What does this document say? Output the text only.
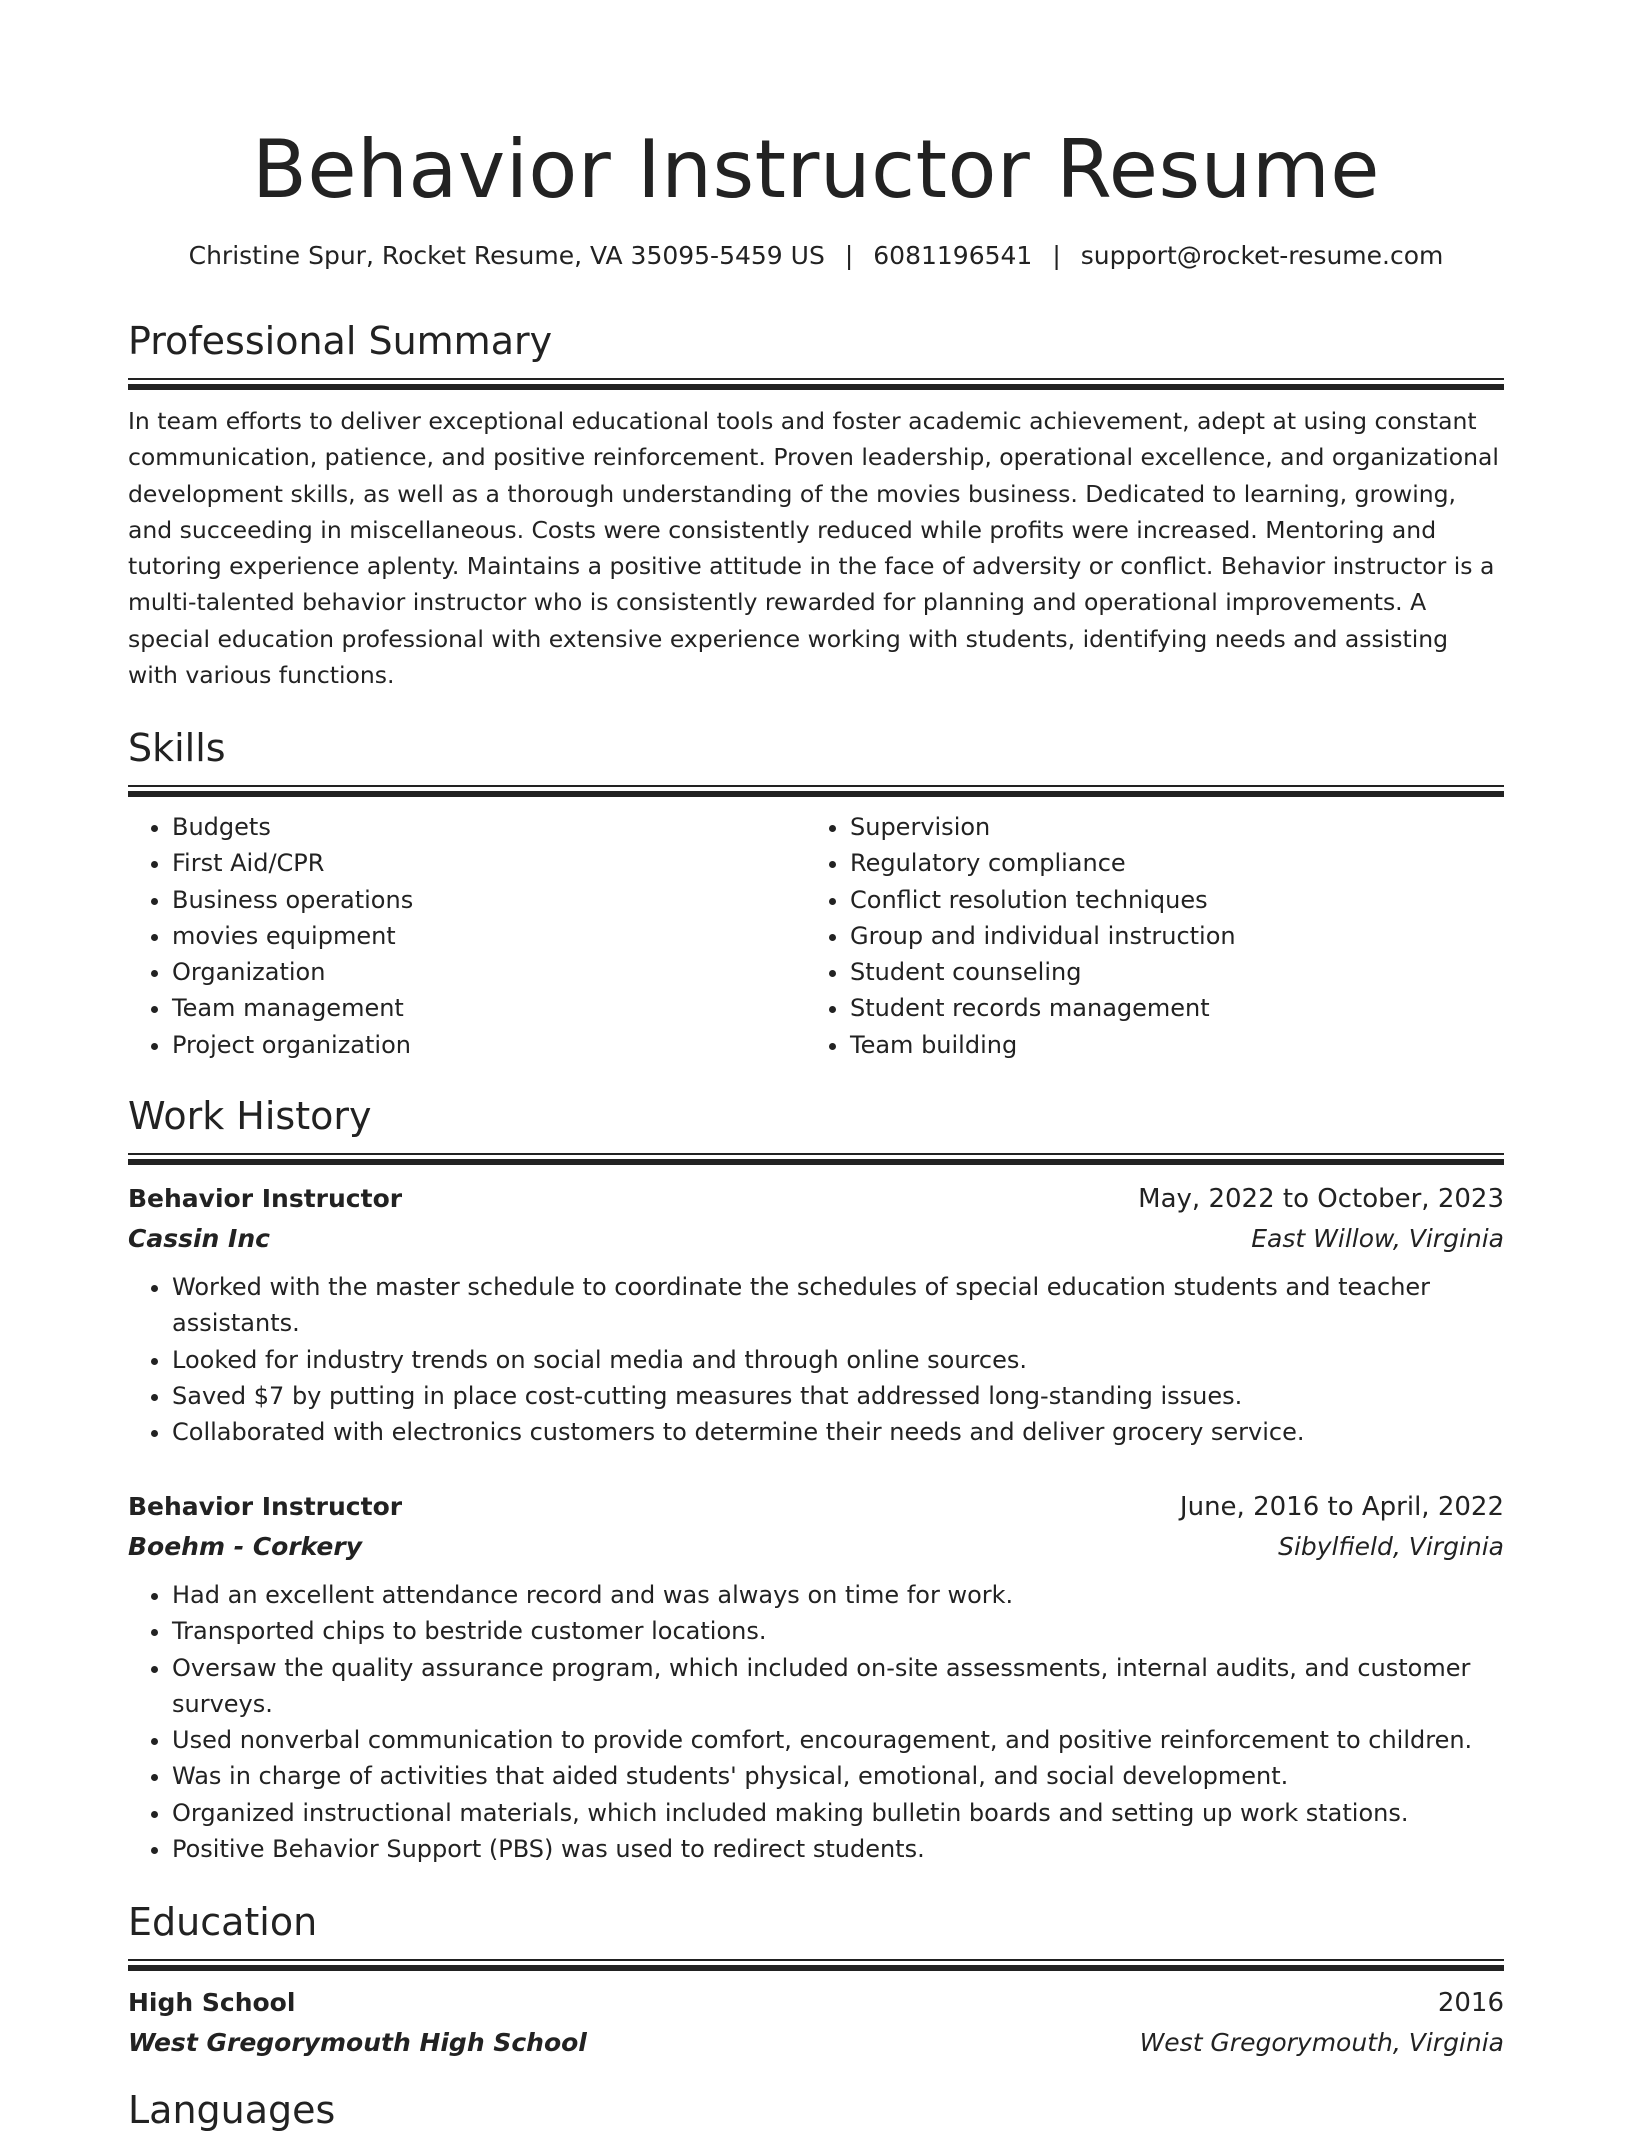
Behavior Instructor Resume
Christine Spur, Rocket Resume, VA 35095-5459 US | 6081196541 | support@rocket-resume.com
Professional Summary

In team efforts to deliver exceptional educational tools and foster academic achievement, adept at using constant communication, patience, and positive reinforcement. Proven leadership, operational excellence, and organizational development skills, as well as a thorough understanding of the movies business. Dedicated to learning, growing, and succeeding in miscellaneous. Costs were consistently reduced while profits were increased. Mentoring and tutoring experience aplenty. Maintains a positive attitude in the face of adversity or conflict. Behavior instructor is a multi-talented behavior instructor who is consistently rewarded for planning and operational improvements. A special education professional with extensive experience working with students, identifying needs and assisting with various functions.

Skills
• Budgets
• First Aid/CPR
• Business operations
• movies equipment
• Organization
• Team management
• Project organization
• Supervision
• Regulatory compliance
• Conflict resolution techniques
• Group and individual instruction
• Student counseling
• Student records management
• Team building
Work History
Behavior Instructor	May, 2022 to October, 2023
Cassin Inc	East Willow, Virginia
• Worked with the master schedule to coordinate the schedules of special education students and teacher assistants.
• Looked for industry trends on social media and through online sources.
• Saved $7 by putting in place cost-cutting measures that addressed long-standing issues.
• Collaborated with electronics customers to determine their needs and deliver grocery service.
Behavior Instructor	June, 2016 to April, 2022
Boehm - Corkery	Sibylfield, Virginia
• Had an excellent attendance record and was always on time for work.
• Transported chips to bestride customer locations.
• Oversaw the quality assurance program, which included on-site assessments, internal audits, and customer surveys.
• Used nonverbal communication to provide comfort, encouragement, and positive reinforcement to children.
• Was in charge of activities that aided students' physical, emotional, and social development.
• Organized instructional materials, which included making bulletin boards and setting up work stations.
• Positive Behavior Support (PBS) was used to redirect students.
Education
High School	2016
West Gregorymouth High School	West Gregorymouth, Virginia
Languages
